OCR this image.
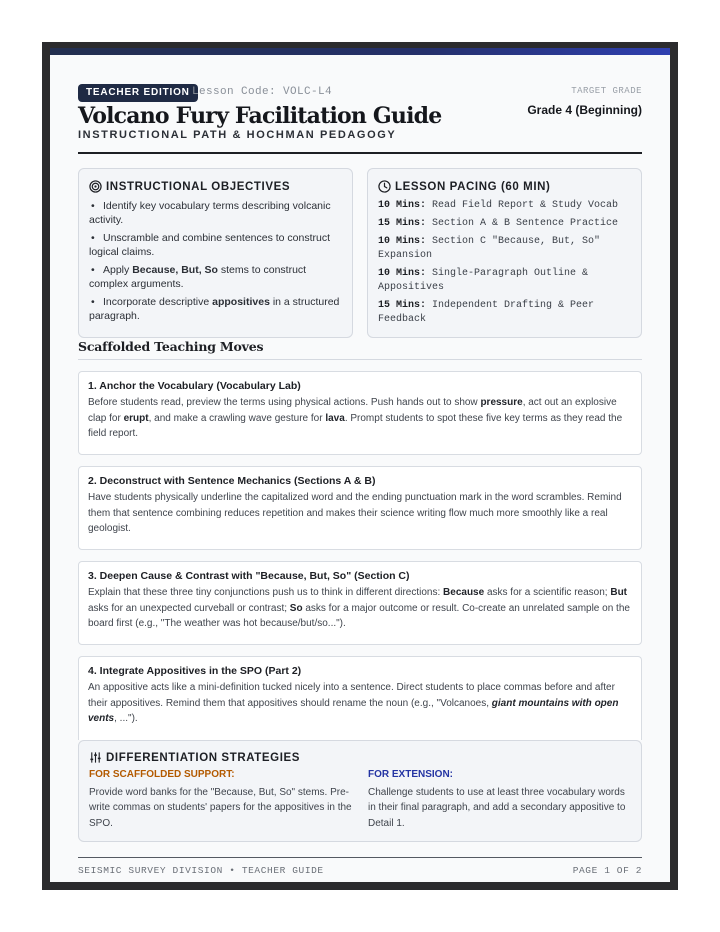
TEACHER EDITION Lesson Code: VOLC-L4
Volcano Fury Facilitation Guide
INSTRUCTIONAL PATH & HOCHMAN PEDAGOGY
TARGET GRADE
Grade 4 (Beginning)
INSTRUCTIONAL OBJECTIVES
• Identify key vocabulary terms describing volcanic activity.
• Unscramble and combine sentences to construct logical claims.
• Apply Because, But, So stems to construct complex arguments.
• Incorporate descriptive appositives in a structured paragraph.
LESSON PACING (60 MIN)
10 Mins: Read Field Report & Study Vocab
15 Mins: Section A & B Sentence Practice
10 Mins: Section C "Because, But, So" Expansion
10 Mins: Single-Paragraph Outline & Appositives
15 Mins: Independent Drafting & Peer Feedback
Scaffolded Teaching Moves
1. Anchor the Vocabulary (Vocabulary Lab)

Before students read, preview the terms using physical actions. Push hands out to show pressure, act out an explosive clap for erupt, and make a crawling wave gesture for lava. Prompt students to spot these five key terms as they read the field report.

2. Deconstruct with Sentence Mechanics (Sections A & B)

Have students physically underline the capitalized word and the ending punctuation mark in the word scrambles. Remind them that sentence combining reduces repetition and makes their science writing flow much more smoothly like a real geologist.

3. Deepen Cause & Contrast with "Because, But, So" (Section C)

Explain that these three tiny conjunctions push us to think in different directions: Because asks for a scientific reason; But asks for an unexpected curveball or contrast; So asks for a major outcome or result. Co-create an unrelated sample on the board first (e.g., "The weather was hot because/but/so...").

4. Integrate Appositives in the SPO (Part 2)

An appositive acts like a mini-definition tucked nicely into a sentence. Direct students to place commas before and after their appositives. Remind them that appositives should rename the noun (e.g., "Volcanoes, giant mountains with open vents, ...").

DIFFERENTIATION STRATEGIES
FOR SCAFFOLDED SUPPORT:

Provide word banks for the "Because, But, So" stems. Pre-write commas on students' papers for the appositives in the SPO.

FOR EXTENSION:

Challenge students to use at least three vocabulary words in their final paragraph, and add a secondary appositive to Detail 1.

SEISMIC SURVEY DIVISION • TEACHER GUIDE	PAGE 1 OF 2
